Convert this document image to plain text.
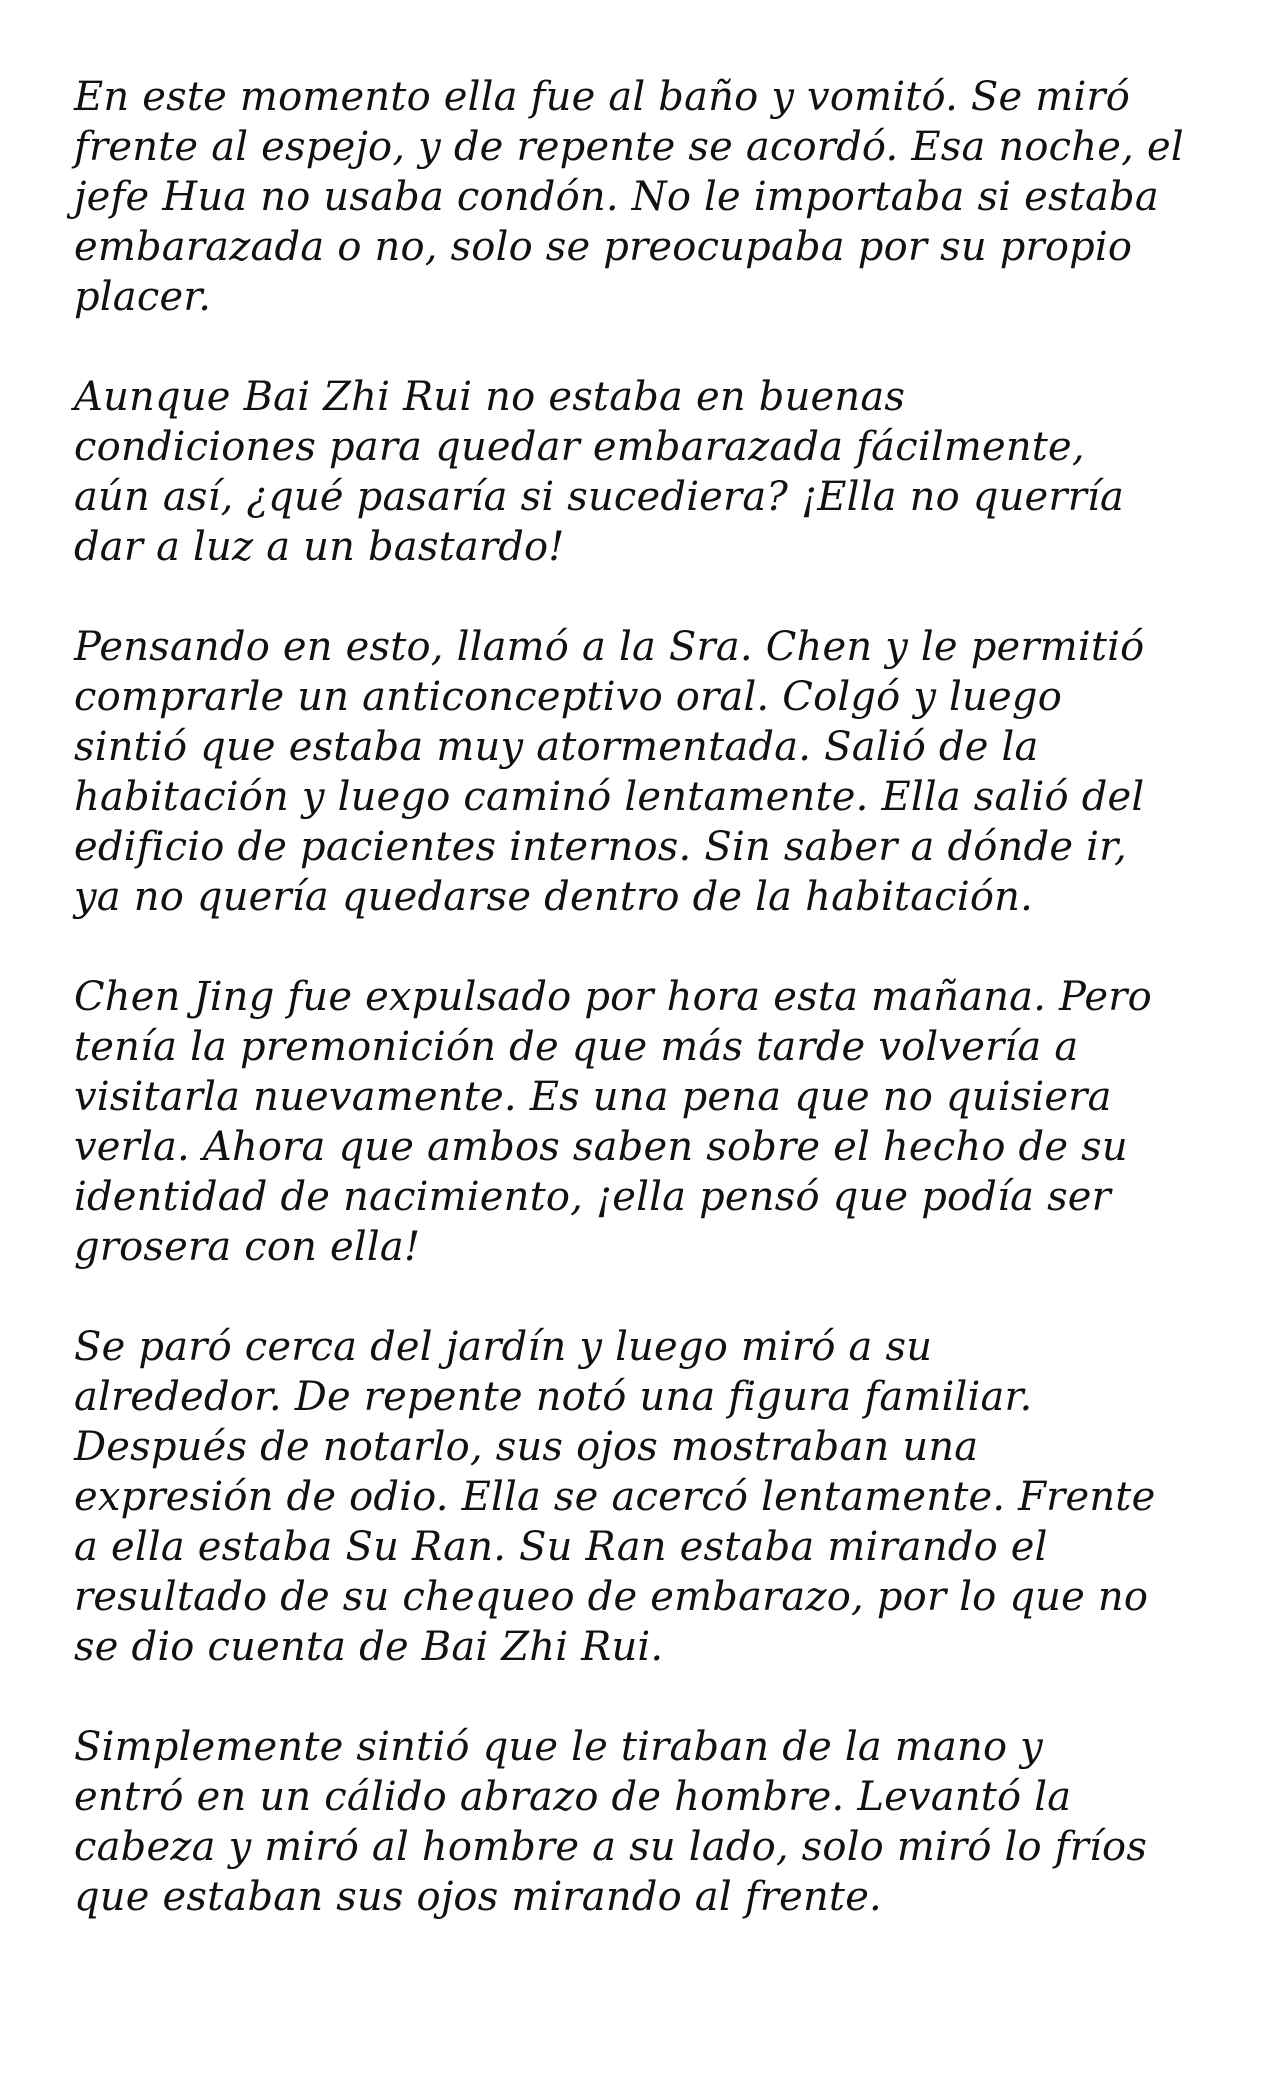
En este momento ella fue al baño y vomitó. Se miró
frente al espejo, y de repente se acordó. Esa noche, el
jefe Hua no usaba condón. No le importaba si estaba
embarazada o no, solo se preocupaba por su propio
placer.
Aunque Bai Zhi Rui no estaba en buenas
condiciones para quedar embarazada fácilmente,
aún así, ¿qué pasaría si sucediera? ¡Ella no querría
dar a luz a un bastardo!
Pensando en esto, llamó a la Sra. Chen y le permitió
comprarle un anticonceptivo oral. Colgó y luego
sintió que estaba muy atormentada. Salió de la
habitación y luego caminó lentamente. Ella salió del
edificio de pacientes internos. Sin saber a dónde ir,
ya no quería quedarse dentro de la habitación.
Chen Jing fue expulsado por hora esta mañana. Pero
tenía la premonición de que más tarde volvería a
visitarla nuevamente. Es una pena que no quisiera
verla. Ahora que ambos saben sobre el hecho de su
identidad de nacimiento, ¡ella pensó que podía ser
grosera con ella!
Se paró cerca del jardín y luego miró a su
alrededor. De repente notó una figura familiar.
Después de notarlo, sus ojos mostraban una
expresión de odio. Ella se acercó lentamente. Frente
a ella estaba Su Ran. Su Ran estaba mirando el
resultado de su chequeo de embarazo, por lo que no
se dio cuenta de Bai Zhi Rui.
Simplemente sintió que le tiraban de la mano y
entró en un cálido abrazo de hombre. Levantó la
cabeza y miró al hombre a su lado, solo miró lo fríos
que estaban sus ojos mirando al frente.
